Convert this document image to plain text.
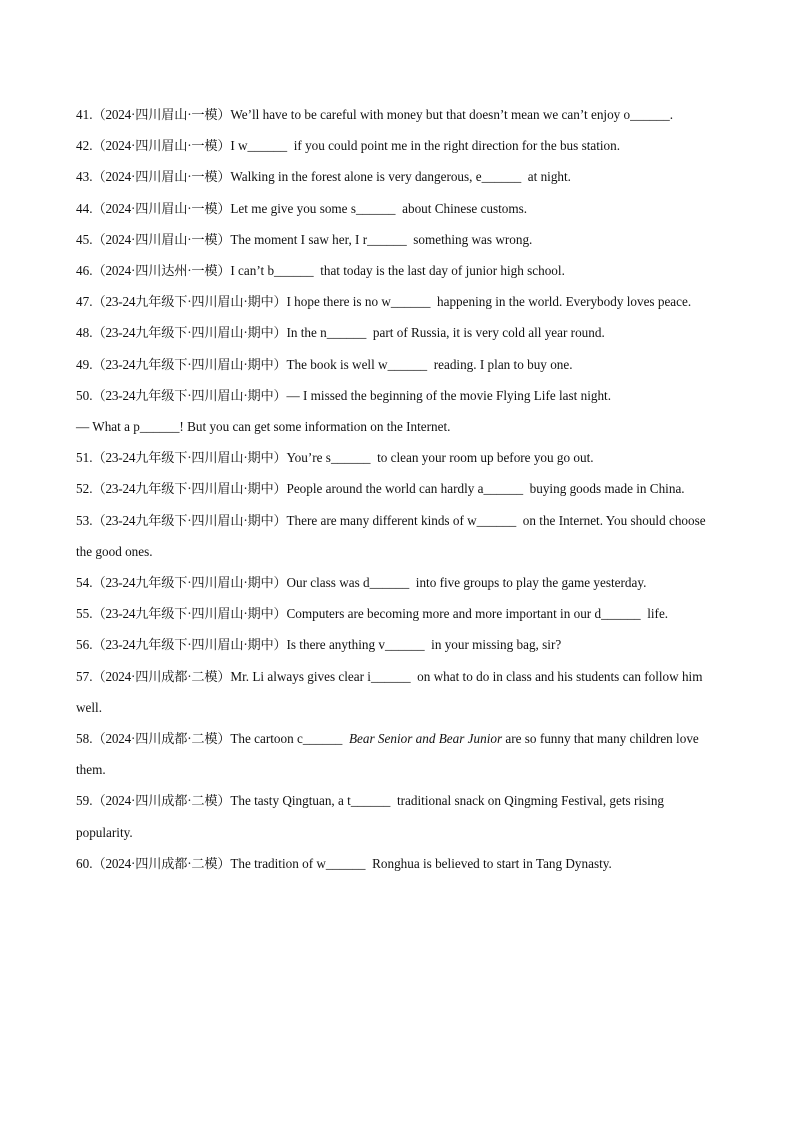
41.（2024·四川眉山·一模）We’ll have to be careful with money but that doesn’t mean we can’t enjoy o______.

42.（2024·四川眉山·一模）I w______  if you could point me in the right direction for the bus station.

43.（2024·四川眉山·一模）Walking in the forest alone is very dangerous, e______  at night.

44.（2024·四川眉山·一模）Let me give you some s______  about Chinese customs.

45.（2024·四川眉山·一模）The moment I saw her, I r______  something was wrong.

46.（2024·四川达州·一模）I can’t b______  that today is the last day of junior high school.

47.（23-24九年级下·四川眉山·期中）I hope there is no w______  happening in the world. Everybody loves peace.

48.（23-24九年级下·四川眉山·期中）In the n______  part of Russia, it is very cold all year round.

49.（23-24九年级下·四川眉山·期中）The book is well w______  reading. I plan to buy one.

50.（23-24九年级下·四川眉山·期中）— I missed the beginning of the movie Flying Life last night.

— What a p______! But you can get some information on the Internet.

51.（23-24九年级下·四川眉山·期中）You’re s______  to clean your room up before you go out.

52.（23-24九年级下·四川眉山·期中）People around the world can hardly a______  buying goods made in China.

53.（23-24九年级下·四川眉山·期中）There are many different kinds of w______  on the Internet. You should choose the good ones.

54.（23-24九年级下·四川眉山·期中）Our class was d______  into five groups to play the game yesterday.

55.（23-24九年级下·四川眉山·期中）Computers are becoming more and more important in our d______  life.

56.（23-24九年级下·四川眉山·期中）Is there anything v______  in your missing bag, sir?

57.（2024·四川成都·二模）Mr. Li always gives clear i______  on what to do in class and his students can follow him well.

58.（2024·四川成都·二模）The cartoon c______  Bear Senior and Bear Junior are so funny that many children love them.

59.（2024·四川成都·二模）The tasty Qingtuan, a t______  traditional snack on Qingming Festival, gets rising popularity.

60.（2024·四川成都·二模）The tradition of w______  Ronghua is believed to start in Tang Dynasty.
